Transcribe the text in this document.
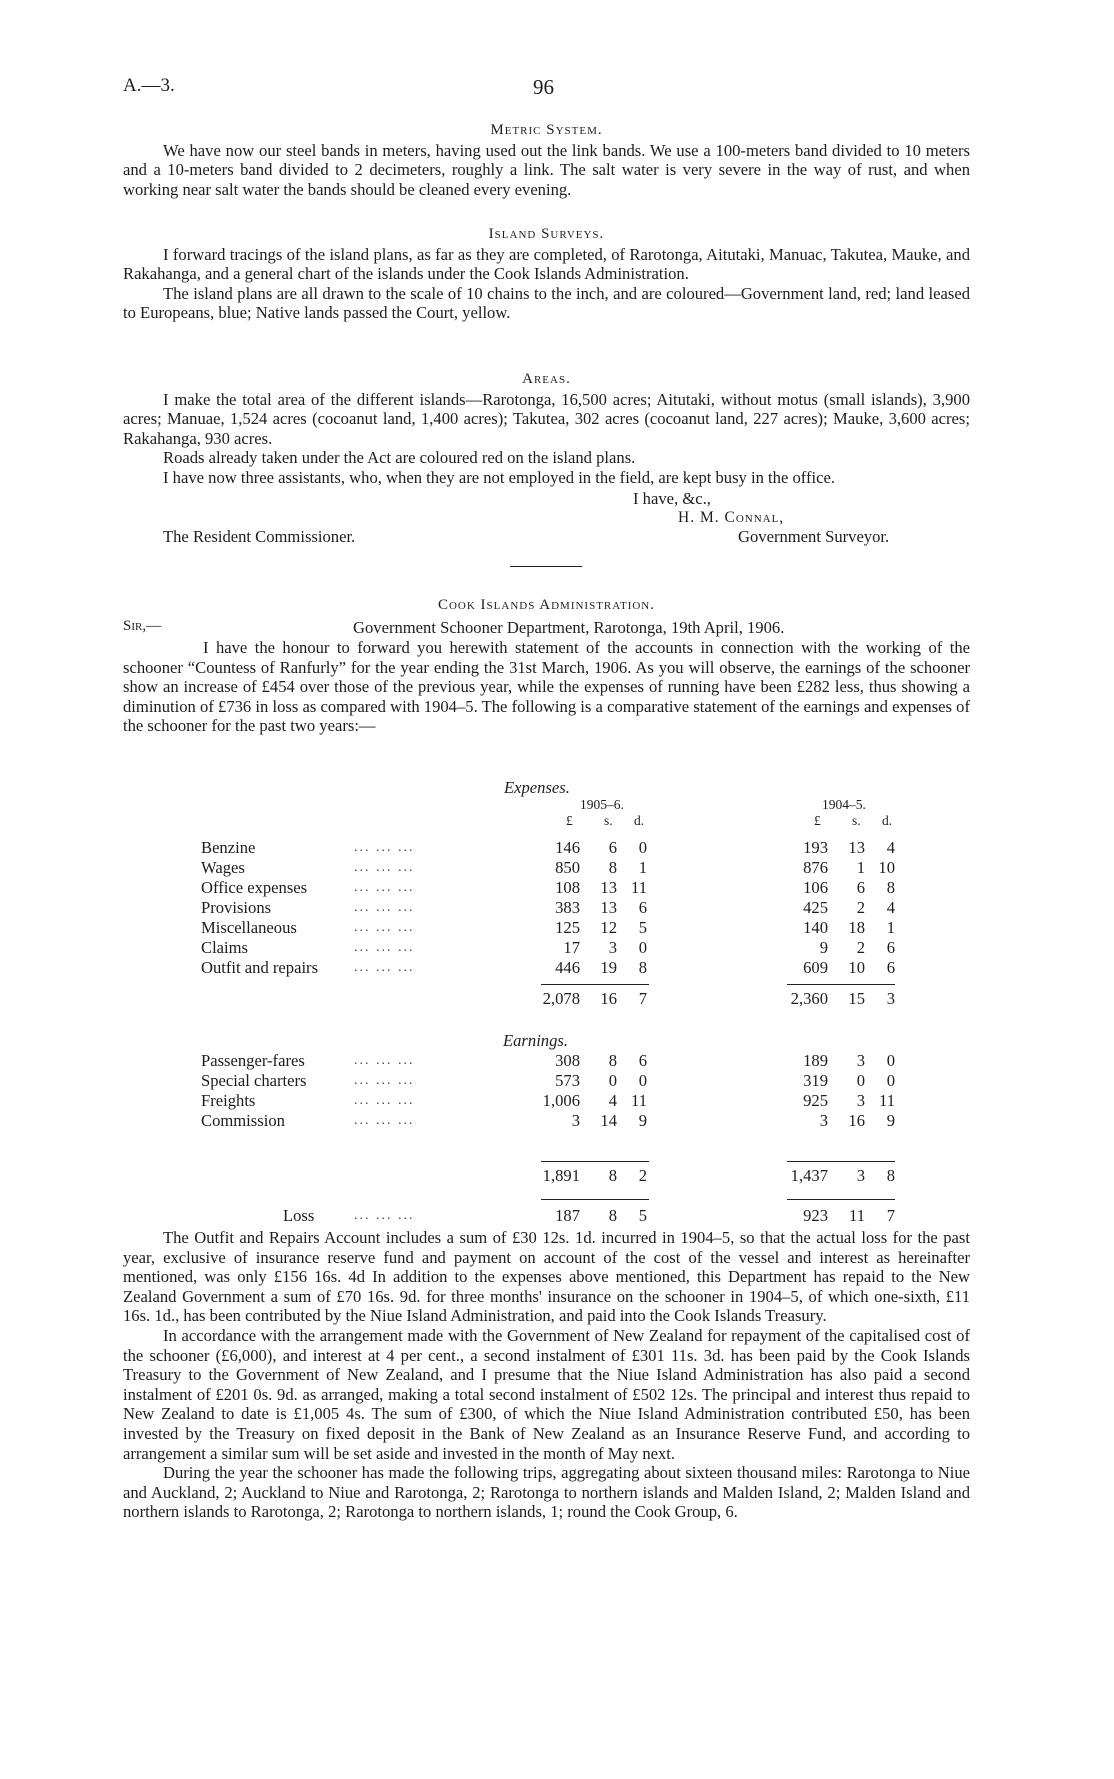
A.—3.	96
Metric System.

We have now our steel bands in meters, having used out the link bands. We use a 100-meters band divided to 10 meters and a 10-meters band divided to 2 decimeters, roughly a link. The salt water is very severe in the way of rust, and when working near salt water the bands should be cleaned every evening.

Island Surveys.

I forward tracings of the island plans, as far as they are completed, of Rarotonga, Aitutaki, Manuac, Takutea, Mauke, and Rakahanga, and a general chart of the islands under the Cook Islands Administration.

The island plans are all drawn to the scale of 10 chains to the inch, and are coloured—Government land, red; land leased to Europeans, blue; Native lands passed the Court, yellow.

Areas.

I make the total area of the different islands—Rarotonga, 16,500 acres; Aitutaki, without motus (small islands), 3,900 acres; Manuae, 1,524 acres (cocoanut land, 1,400 acres); Takutea, 302 acres (cocoanut land, 227 acres); Mauke, 3,600 acres; Rakahanga, 930 acres.

Roads already taken under the Act are coloured red on the island plans.

I have now three assistants, who, when they are not employed in the field, are kept busy in the office.

I have, &c.,
H. M. Connal,
The Resident Commissioner.	Government Surveyor.
Cook Islands Administration.
Sir,—	Government Schooner Department, Rarotonga, 19th April, 1906.

I have the honour to forward you herewith statement of the accounts in connection with the working of the schooner “Countess of Ranfurly” for the year ending the 31st March, 1906. As you will observe, the earnings of the schooner show an increase of £454 over those of the previous year, while the expenses of running have been £282 less, thus showing a diminution of £736 in loss as compared with 1904–5. The following is a comparative statement of the earnings and expenses of the schooner for the past two years:—

Expenses.
1905–6.	1904–5.
£ s. d.	£ s. d.
Benzine	... ... ...	146	6	0	193	13	4
Wages	... ... ...	850	8	1	876	1 10
Office expenses	... ... ...	108	13 11	106	6	8
Provisions	... ... ...	383	13	6	425	2	4
Miscellaneous	... ... ...	125	12	5	140	18	1
Claims	... ... ...	17	3	0	9	2	6
Outfit and repairs	... ... ...	446	19	8	609	10	6
2,078	16	7	2,360	15	3
Earnings.
Passenger-fares	... ... ...	308	8	6	189	3	0
Special charters	... ... ...	573	0	0	319	0	0
Freights	... ... ...	1,006	4 11	925	3 11
Commission	... ... ...	3	14	9	3	16	9
1,891	8	2	1,437	3	8
Loss	... ... ...	187	8	5	923	11	7

The Outfit and Repairs Account includes a sum of £30 12s. 1d. incurred in 1904–5, so that the actual loss for the past year, exclusive of insurance reserve fund and payment on account of the cost of the vessel and interest as hereinafter mentioned, was only £156 16s. 4d In addition to the expenses above mentioned, this Department has repaid to the New Zealand Government a sum of £70 16s. 9d. for three months' insurance on the schooner in 1904–5, of which one-sixth, £11 16s. 1d., has been contributed by the Niue Island Administration, and paid into the Cook Islands Treasury.

In accordance with the arrangement made with the Government of New Zealand for repayment of the capitalised cost of the schooner (£6,000), and interest at 4 per cent., a second instalment of £301 11s. 3d. has been paid by the Cook Islands Treasury to the Government of New Zealand, and I presume that the Niue Island Administration has also paid a second instalment of £201 0s. 9d. as arranged, making a total second instalment of £502 12s. The principal and interest thus repaid to New Zealand to date is £1,005 4s. The sum of £300, of which the Niue Island Administration contributed £50, has been invested by the Treasury on fixed deposit in the Bank of New Zealand as an Insurance Reserve Fund, and according to arrangement a similar sum will be set aside and invested in the month of May next.

During the year the schooner has made the following trips, aggregating about sixteen thousand miles: Rarotonga to Niue and Auckland, 2; Auckland to Niue and Rarotonga, 2; Rarotonga to northern islands and Malden Island, 2; Malden Island and northern islands to Rarotonga, 2; Rarotonga to northern islands, 1; round the Cook Group, 6.
